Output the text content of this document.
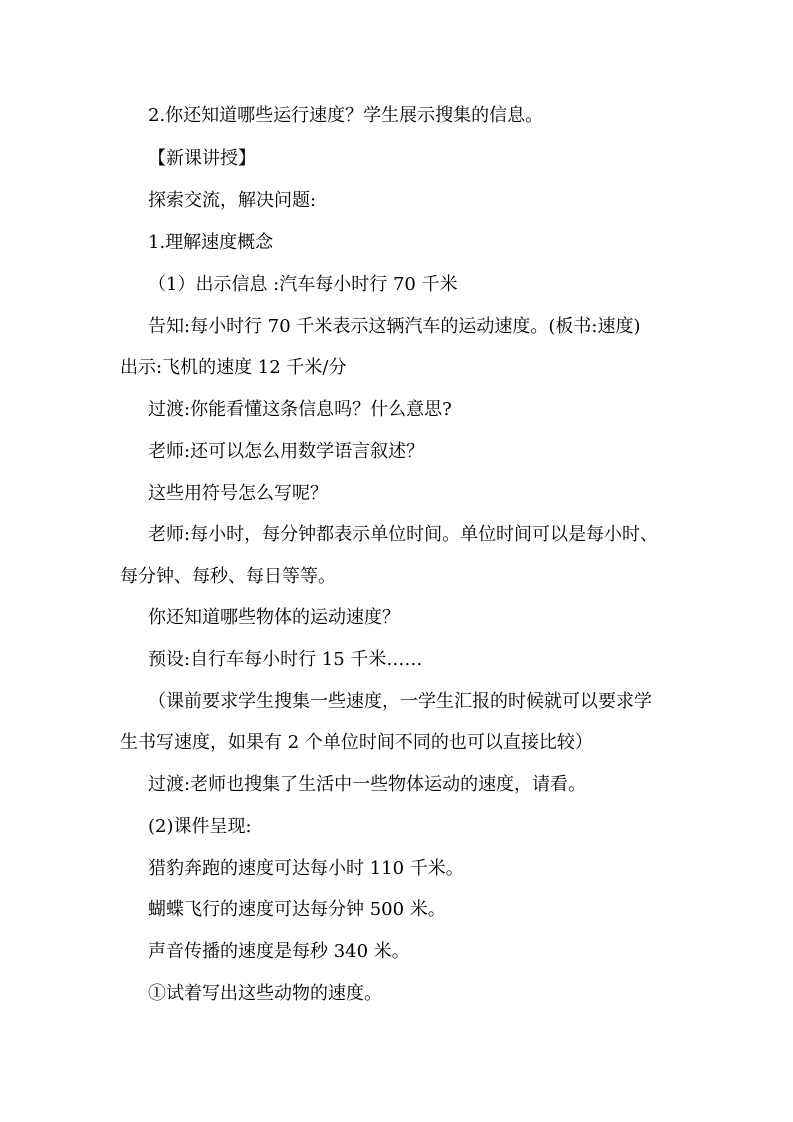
2.你还知道哪些运行速度？学生展示搜集的信息。
【新课讲授】
探索交流，解决问题:
1.理解速度概念
（1）出示信息 :汽车每小时行 70 千米
告知:每小时行 70 千米表示这辆汽车的运动速度。(板书:速度)
出示:飞机的速度 12 千米/分
过渡:你能看懂这条信息吗？什么意思?
老师:还可以怎么用数学语言叙述？
这些用符号怎么写呢？
老师:每小时，每分钟都表示单位时间。单位时间可以是每小时、
每分钟、每秒、每日等等。
你还知道哪些物体的运动速度？
预设:自行车每小时行 15 千米……
（课前要求学生搜集一些速度，一学生汇报的时候就可以要求学
生书写速度，如果有 2 个单位时间不同的也可以直接比较）
过渡:老师也搜集了生活中一些物体运动的速度，请看。
(2)课件呈现:
猎豹奔跑的速度可达每小时 110 千米。
蝴蝶飞行的速度可达每分钟 500 米。
声音传播的速度是每秒 340 米。
①试着写出这些动物的速度。
